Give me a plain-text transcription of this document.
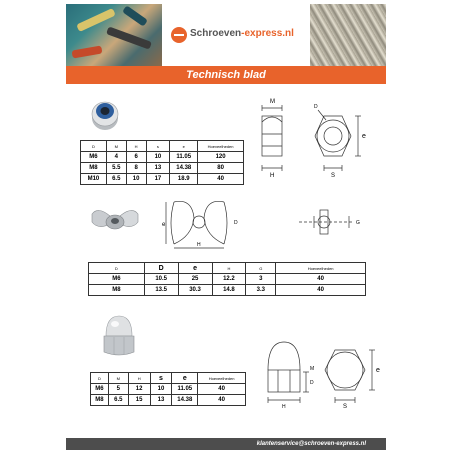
Schroeven-express.nl
Technisch blad
D	M	H	s	e	Hoeveelheden
M6	4	6	10	11.05	120
M8	5.5	8	13	14.38	80
M10	6.5	10	17	18.9	40
M
H
D
S
e
e	D
H
G
D	D	e	H	G	Hoeveelheden
M6	10.5	25	12.2	3	40
M8	13.5	30.3	14.8	3.3	40
D	M	H	s	e	Hoeveelheden
M6	5	12	10	11.05	40
M8	6.5	15	13	14.38	40
M
D
H	S
e
klantenservice@schroeven-express.nl
